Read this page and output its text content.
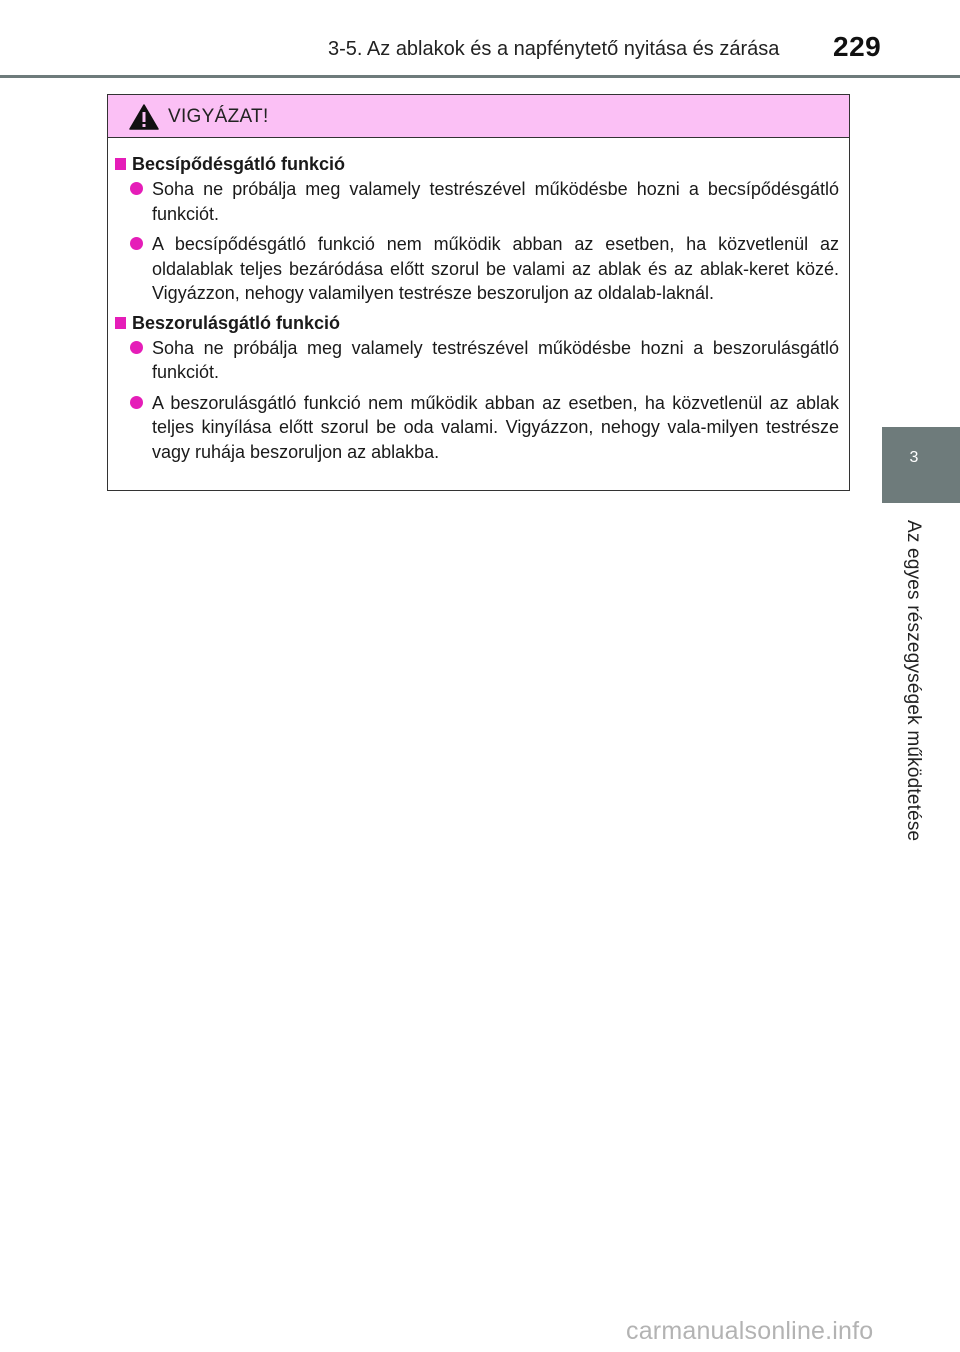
3-5. Az ablakok és a napfénytető nyitása és zárása 229
3
Az egyes részegységek működtetése
VIGYÁZAT!
Becsípődésgátló funkció
Soha ne próbálja meg valamely testrészével működésbe hozni a becsípődésgátló funkciót.
A becsípődésgátló funkció nem működik abban az esetben, ha közvetlenül az oldalablak teljes bezáródása előtt szorul be valami az ablak és az ablak-keret közé. Vigyázzon, nehogy valamilyen testrésze beszoruljon az oldalab-laknál.
Beszorulásgátló funkció
Soha ne próbálja meg valamely testrészével működésbe hozni a beszorulásgátló funkciót.
A beszorulásgátló funkció nem működik abban az esetben, ha közvetlenül az ablak teljes kinyílása előtt szorul be oda valami. Vigyázzon, nehogy vala-milyen testrésze vagy ruhája beszoruljon az ablakba.
carmanualsonline.info
